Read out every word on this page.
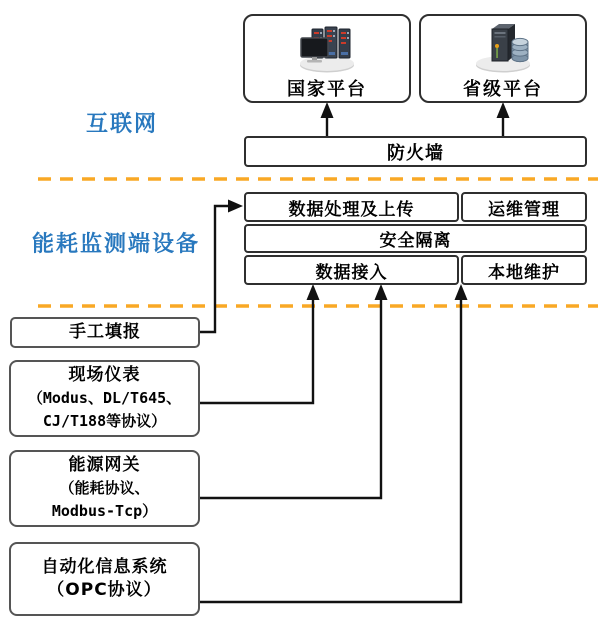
互联网
能耗监测端设备
国家平台	省级平台
防火墙
数据处理及上传	运维管理
安全隔离
数据接入	本地维护
手工填报
现场仪表
（Modus、DL/T645、
CJ/T188等协议）
能源网关
（能耗协议、
Modbus-Tcp）
自动化信息系统
（OPC协议）
